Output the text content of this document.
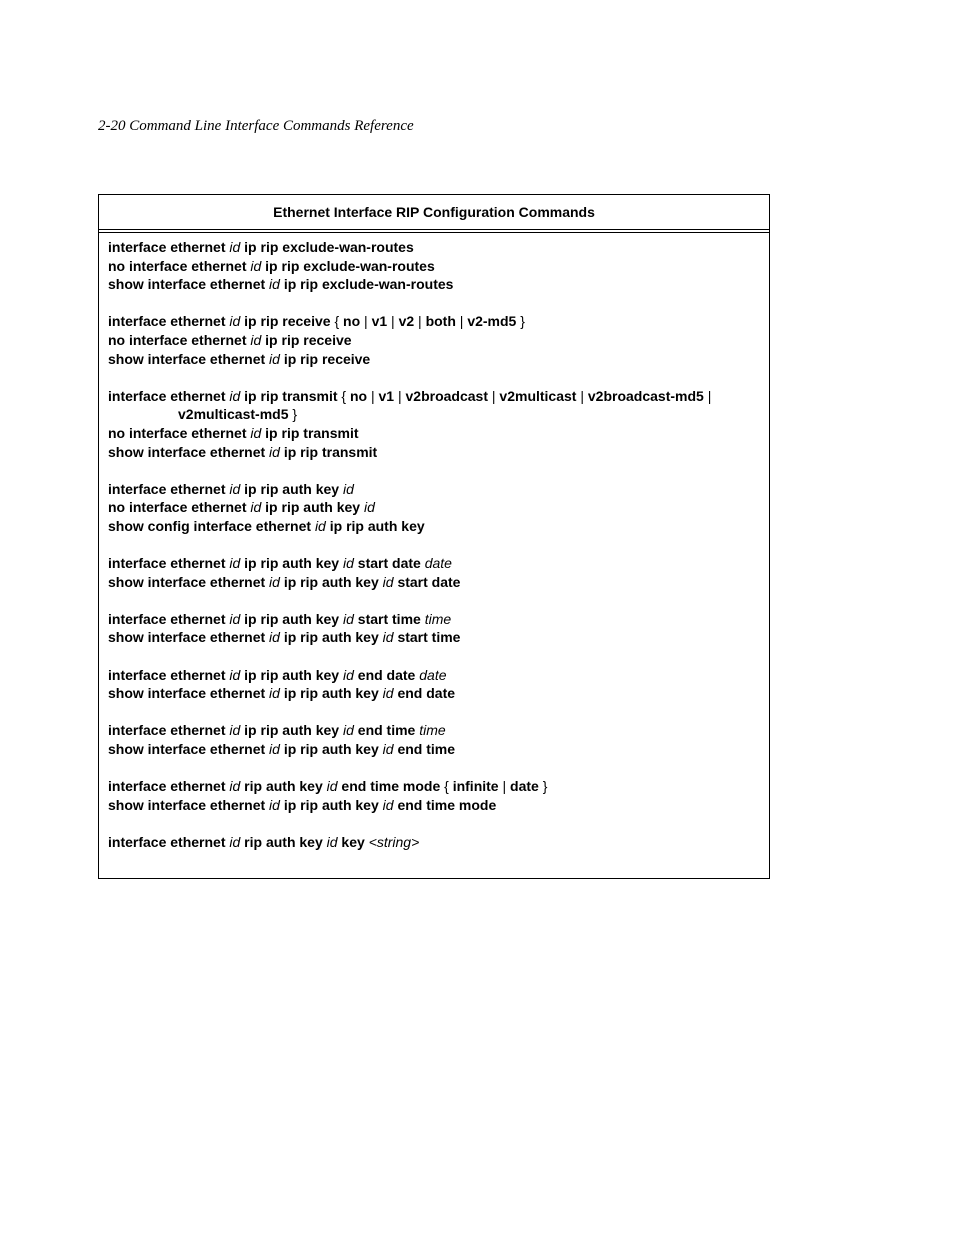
2-20 Command Line Interface Commands Reference
Ethernet Interface RIP Configuration Commands
interface ethernet id ip rip exclude-wan-routes
no interface ethernet id ip rip exclude-wan-routes
show interface ethernet id ip rip exclude-wan-routes
interface ethernet id ip rip receive { no | v1 | v2 | both | v2-md5 }
no interface ethernet id ip rip receive
show interface ethernet id ip rip receive
interface ethernet id ip rip transmit { no | v1 | v2broadcast | v2multicast | v2broadcast-md5 |
v2multicast-md5 }
no interface ethernet id ip rip transmit
show interface ethernet id ip rip transmit
interface ethernet id ip rip auth key id
no interface ethernet id ip rip auth key id
show config interface ethernet id ip rip auth key
interface ethernet id ip rip auth key id start date date
show interface ethernet id ip rip auth key id start date
interface ethernet id ip rip auth key id start time time
show interface ethernet id ip rip auth key id start time
interface ethernet id ip rip auth key id end date date
show interface ethernet id ip rip auth key id end date
interface ethernet id ip rip auth key id end time time
show interface ethernet id ip rip auth key id end time
interface ethernet id rip auth key id end time mode { infinite | date }
show interface ethernet id ip rip auth key id end time mode
interface ethernet id rip auth key id key <string>
